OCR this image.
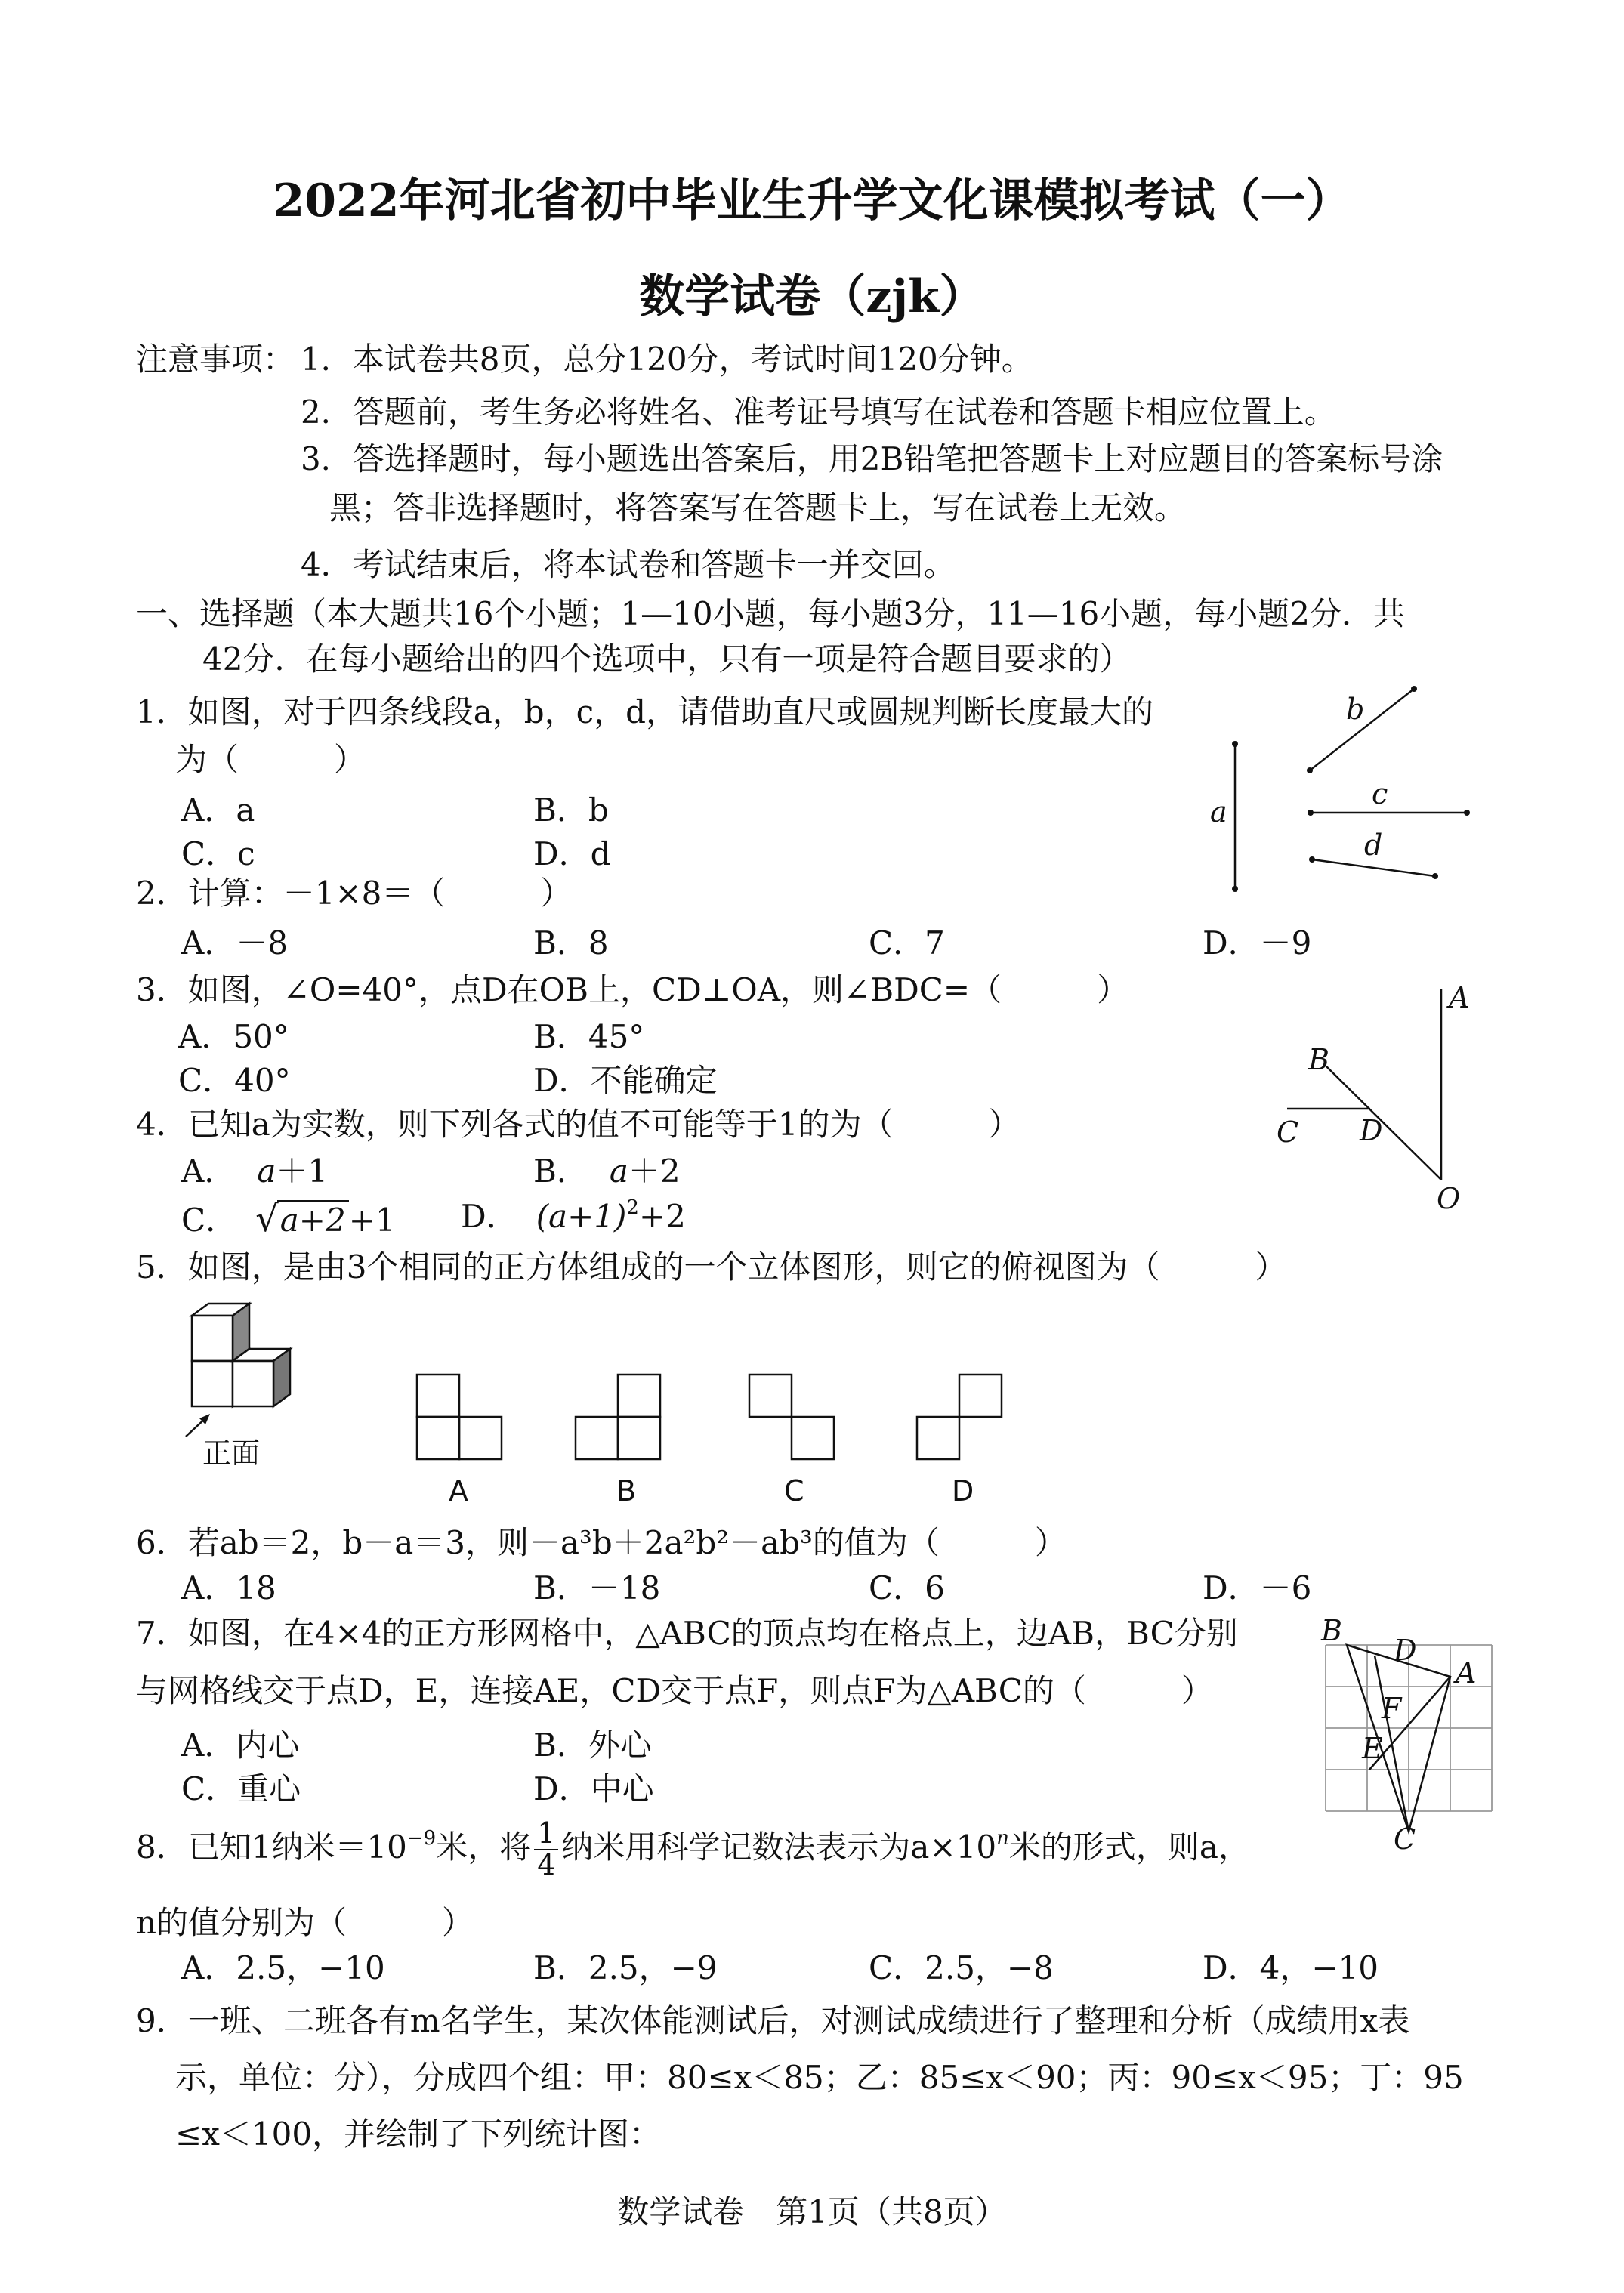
2022年河北省初中毕业生升学文化课模拟考试（一）
数学试卷（zjk）
注意事项： 1．本试卷共8页，总分120分，考试时间120分钟。
2．答题前，考生务必将姓名、准考证号填写在试卷和答题卡相应位置上。
3．答选择题时，每小题选出答案后，用2B铅笔把答题卡上对应题目的答案标号涂
黑；答非选择题时，将答案写在答题卡上，写在试卷上无效。
4．考试结束后，将本试卷和答题卡一并交回。
一、选择题（本大题共16个小题；1—10小题，每小题3分，11—16小题，每小题2分．共
42分．在每小题给出的四个选项中，只有一项是符合题目要求的）
1．如图，对于四条线段a，b，c，d，请借助直尺或圆规判断长度最大的
为（　　　）
A．a	B．b
C．c	D．d
a
b
c
d
2．计算：－1×8＝（　　　）
A．－8	B．8	C．7	D．－9
3．如图，∠O=40°，点D在OB上，CD⊥OA，则∠BDC=（　　　）
A．50°	B．45°
C．40°	D．不能确定
A
B
C D
O
4．已知a为实数，则下列各式的值不可能等于1的为（　　　）
A． a＋1	B． a＋2
C． √a+2+1 D． $(a+1)^2+2$
5．如图，是由3个相同的正方体组成的一个立体图形，则它的俯视图为（　　　）
正面
A	B	C	D
6．若ab＝2，b－a＝3，则－a³b＋2a²b²－ab³的值为（　　　）
A．18	B．－18	C．6	D．－6
7．如图，在4×4的正方形网格中，△ABC的顶点均在格点上，边AB，BC分别
与网格线交于点D，E，连接AE，CD交于点F，则点F为△ABC的（　　　）
A．内心	B．外心
C．重心	D．中心
B
D
A
F
E
C
8．已知1纳米$=10^{-9}$米，将 $\frac{1}{4}$ 纳米用科学记数法表示为$a\times 10^n$米的形式，则a，
n的值分别为（　　　）
A．2.5，−10	B．2.5，−9	C．2.5，−8	D．4，−10
9．一班、二班各有m名学生，某次体能测试后，对测试成绩进行了整理和分析（成绩用x表
示，单位：分），分成四个组：甲：80≤x＜85；乙：85≤x＜90；丙：90≤x＜95；丁：95
≤x＜100，并绘制了下列统计图：
数学试卷　第1页（共8页）
